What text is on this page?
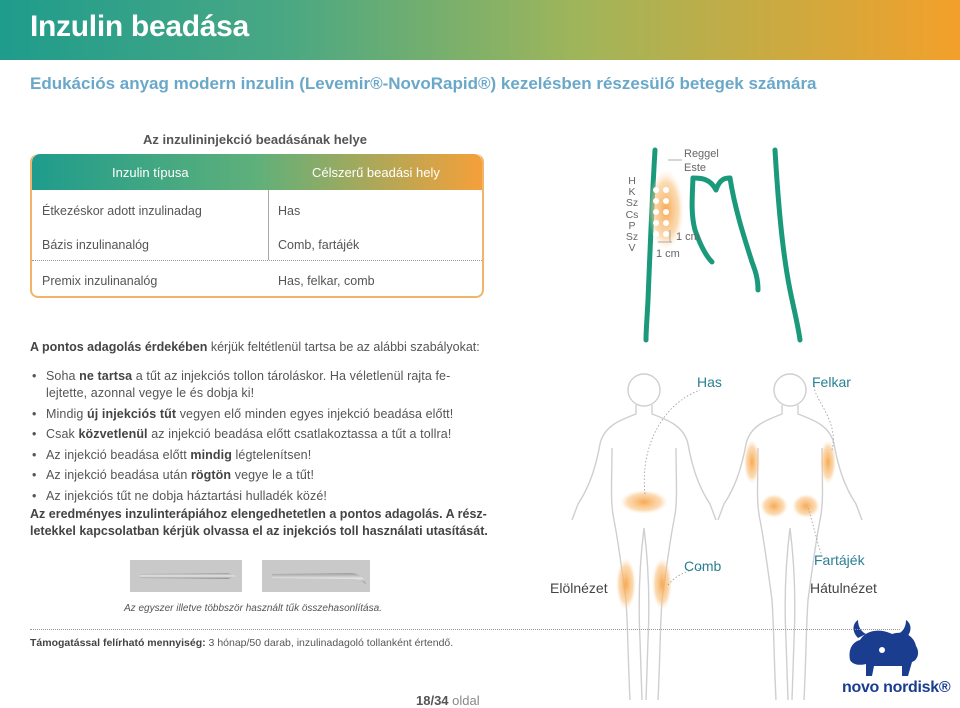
Inzulin beadása
Edukációs anyag modern inzulin (Levemir®-NovoRapid®) kezelésben részesülő betegek számára
Az inzulininjekció beadásának helye
Inzulin típusa	Célszerű beadási hely
Étkezéskor adott inzulinadag	Has
Bázis inzulinanalóg	Comb, fartájék
Premix inzulinanalóg	Has, felkar, comb
H
K
Sz
Cs
P
Sz
V
Reggel
Este
1 cm
1 cm
A pontos adagolás érdekében kérjük feltétlenül tartsa be az alábbi szabályokat:
• Soha ne tartsa a tűt az injekciós tollon tároláskor. Ha véletlenül rajta fe-lejtette, azonnal vegye le és dobja ki!
• Mindig új injekciós tűt vegyen elő minden egyes injekció beadása előtt!
• Csak közvetlenül az injekció beadása előtt csatlakoztassa a tűt a tollra!
• Az injekció beadása előtt mindig légtelenítsen!
• Az injekció beadása után rögtön vegye le a tűt!
• Az injekciós tűt ne dobja háztartási hulladék közé!
Az eredményes inzulinterápiához elengedhetetlen a pontos adagolás. A rész-letekkel kapcsolatban kérjük olvassa el az injekciós toll használati utasítását.
Az egyszer illetve többször használt tűk összehasonlítása.
Has	Felkar
Comb	Fartájék
Elölnézet	Hátulnézet
Támogatással felírható mennyiség: 3 hónap/50 darab, inzulinadagoló tollanként értendő.
18/34 oldal
novo nordisk®
